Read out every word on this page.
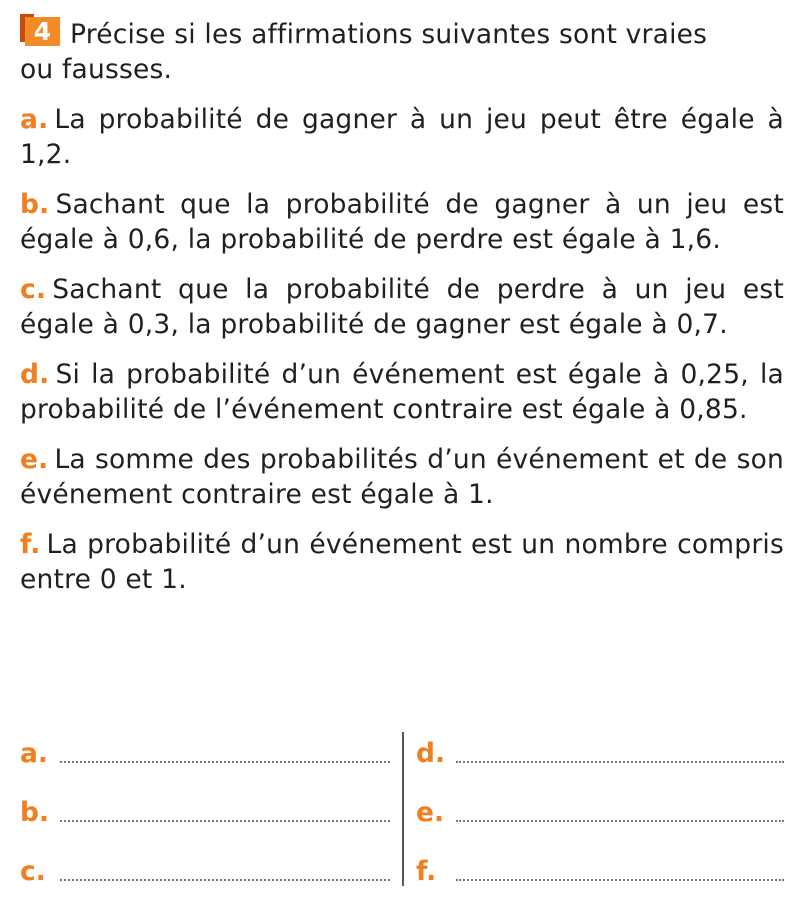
4 Précise si les affirmations suivantes sont vraies
ou fausses.
a. La probabilité de gagner à un jeu peut être égale à 1,2.
b. Sachant que la probabilité de gagner à un jeu est égale à 0,6, la probabilité de perdre est égale à 1,6.
c. Sachant que la probabilité de perdre à un jeu est égale à 0,3, la probabilité de gagner est égale à 0,7.
d. Si la probabilité d’un événement est égale à 0,25, la probabilité de l’événement contraire est égale à 0,85.
e. La somme des probabilités d’un événement et de son événement contraire est égale à 1.
f. La probabilité d’un événement est un nombre compris entre 0 et 1.
a.
b.
c.
d.
e.
f.
